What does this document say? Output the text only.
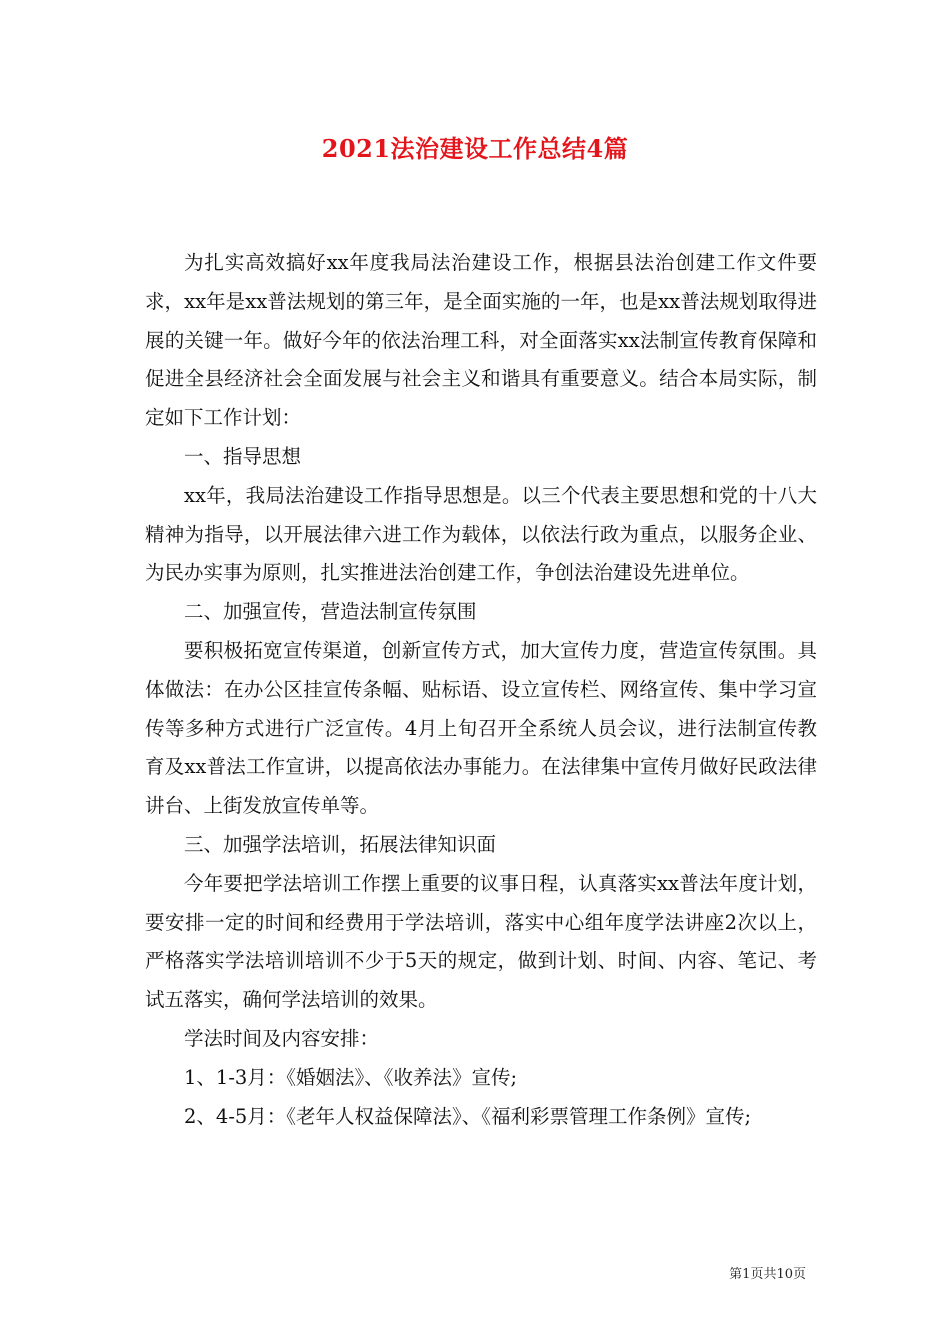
2021法治建设工作总结4篇

为扎实高效搞好xx年度我局法治建设工作，根据县法治创建工作文件要求，xx年是xx普法规划的第三年，是全面实施的一年，也是xx普法规划取得进展的关键一年。做好今年的依法治理工科，对全面落实xx法制宣传教育保障和促进全县经济社会全面发展与社会主义和谐具有重要意义。结合本局实际，制定如下工作计划：

一、指导思想

xx年，我局法治建设工作指导思想是。以三个代表主要思想和党的十八大精神为指导，以开展法律六进工作为载体，以依法行政为重点，以服务企业、为民办实事为原则，扎实推进法治创建工作，争创法治建设先进单位。

二、加强宣传，营造法制宣传氛围

要积极拓宽宣传渠道，创新宣传方式，加大宣传力度，营造宣传氛围。具体做法：在办公区挂宣传条幅、贴标语、设立宣传栏、网络宣传、集中学习宣传等多种方式进行广泛宣传。4月上旬召开全系统人员会议，进行法制宣传教育及xx普法工作宣讲，以提高依法办事能力。在法律集中宣传月做好民政法律讲台、上街发放宣传单等。

三、加强学法培训，拓展法律知识面

今年要把学法培训工作摆上重要的议事日程，认真落实xx普法年度计划，要安排一定的时间和经费用于学法培训，落实中心组年度学法讲座2次以上，严格落实学法培训培训不少于5天的规定，做到计划、时间、内容、笔记、考试五落实，确何学法培训的效果。

学法时间及内容安排：

1、1-3月：《婚姻法》、《收养法》宣传;

2、4-5月：《老年人权益保障法》、《福利彩票管理工作条例》宣传;

第1页共10页
